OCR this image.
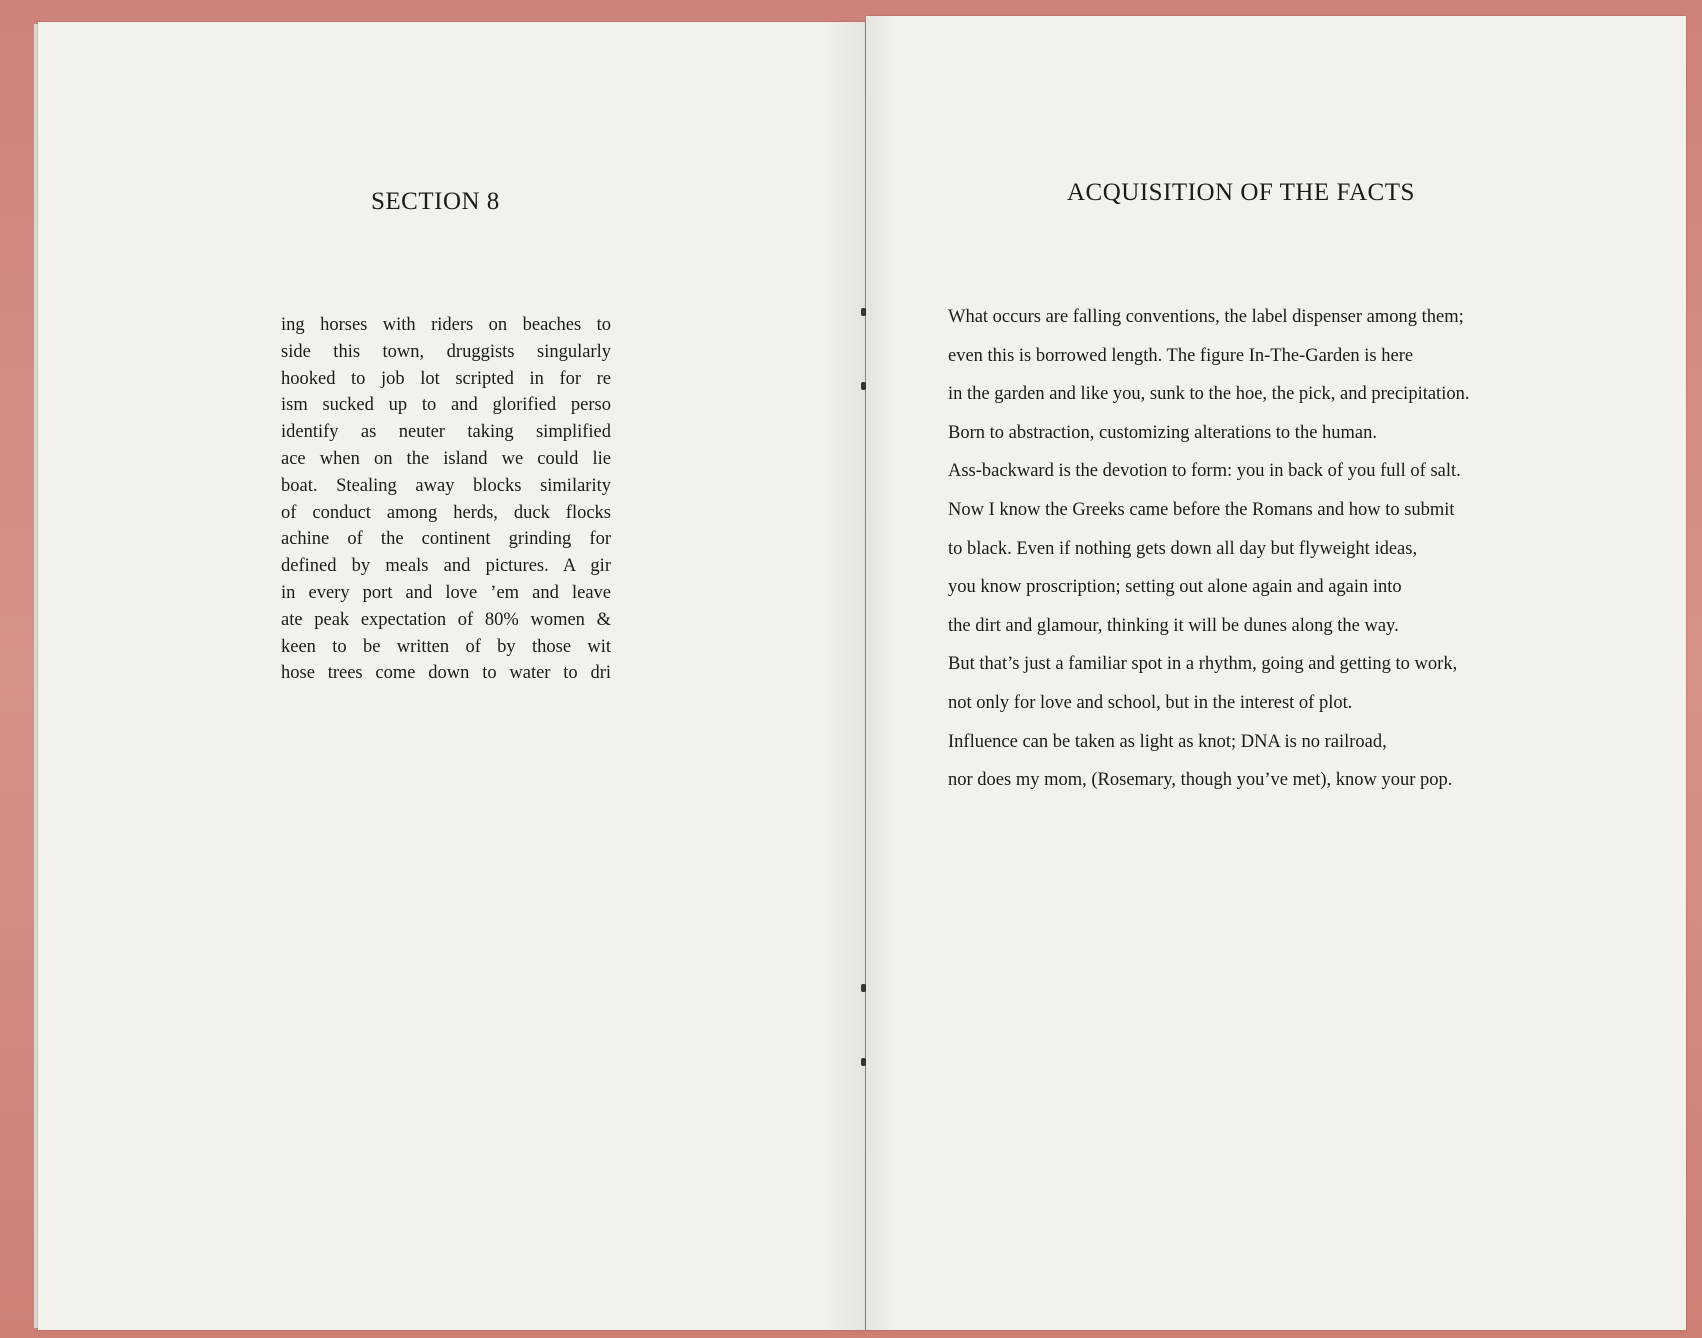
SECTION 8
ing horses with riders on beaches to
side this town, druggists singularly
hooked to job lot scripted in for re
ism sucked up to and glorified perso
identify as neuter taking simplified
ace when on the island we could lie
boat. Stealing away blocks similarity
of conduct among herds, duck flocks
achine of the continent grinding for
defined by meals and pictures. A gir
in every port and love ’em and leave
ate peak expectation of 80% women &
keen to be written of by those wit
hose trees come down to water to dri
ACQUISITION OF THE FACTS
What occurs are falling conventions, the label dispenser among them;
even this is borrowed length. The figure In-The-Garden is here
in the garden and like you, sunk to the hoe, the pick, and precipitation.
Born to abstraction, customizing alterations to the human.
Ass-backward is the devotion to form: you in back of you full of salt.
Now I know the Greeks came before the Romans and how to submit
to black. Even if nothing gets down all day but flyweight ideas,
you know proscription; setting out alone again and again into
the dirt and glamour, thinking it will be dunes along the way.
But that’s just a familiar spot in a rhythm, going and getting to work,
not only for love and school, but in the interest of plot.
Influence can be taken as light as knot; DNA is no railroad,
nor does my mom, (Rosemary, though you’ve met), know your pop.
